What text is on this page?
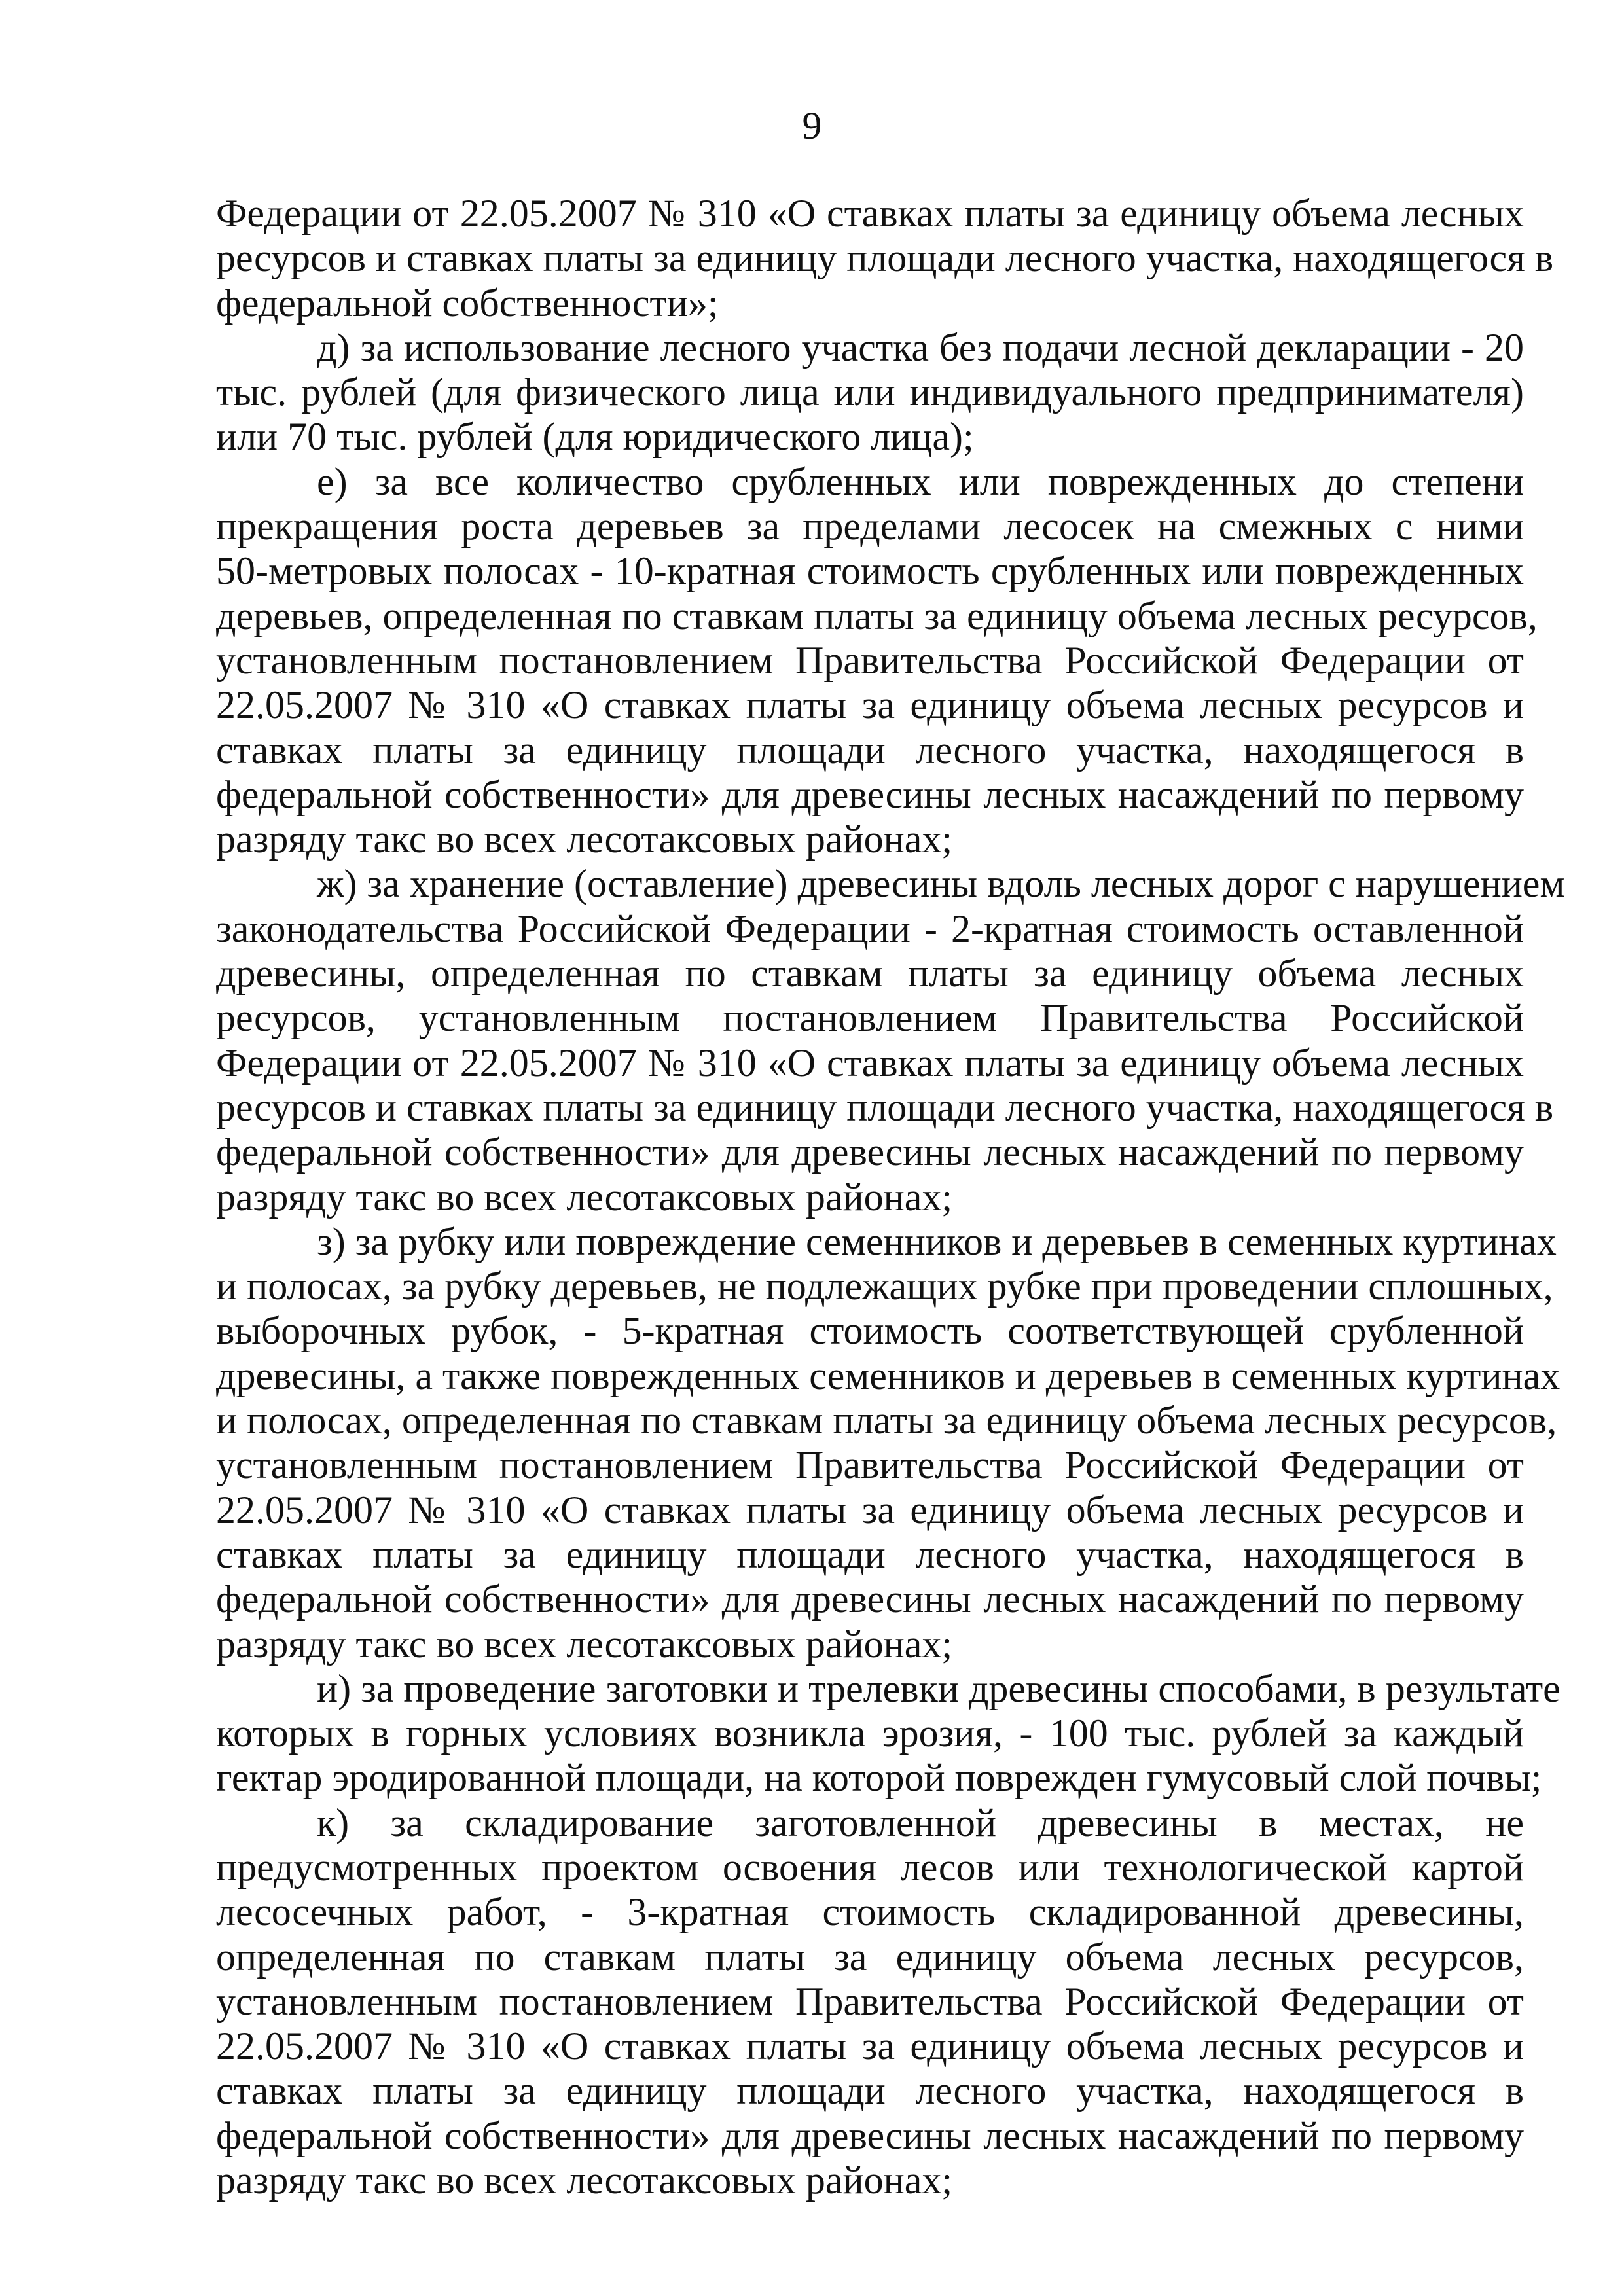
9
Федерации от 22.05.2007 № 310 «О ставках платы за единицу объема лесных
ресурсов и ставках платы за единицу площади лесного участка, находящегося в
федеральной собственности»;
д) за использование лесного участка без подачи лесной декларации - 20
тыс. рублей (для физического лица или индивидуального предпринимателя)
или 70 тыс. рублей (для юридического лица);
е) за все количество срубленных или поврежденных до степени
прекращения роста деревьев за пределами лесосек на смежных с ними
50-метровых полосах - 10-кратная стоимость срубленных или поврежденных
деревьев, определенная по ставкам платы за единицу объема лесных ресурсов,
установленным постановлением Правительства Российской Федерации от
22.05.2007 № 310 «О ставках платы за единицу объема лесных ресурсов и
ставках платы за единицу площади лесного участка, находящегося в
федеральной собственности» для древесины лесных насаждений по первому
разряду такс во всех лесотаксовых районах;
ж) за хранение (оставление) древесины вдоль лесных дорог с нарушением
законодательства Российской Федерации - 2-кратная стоимость оставленной
древесины, определенная по ставкам платы за единицу объема лесных
ресурсов, установленным постановлением Правительства Российской
Федерации от 22.05.2007 № 310 «О ставках платы за единицу объема лесных
ресурсов и ставках платы за единицу площади лесного участка, находящегося в
федеральной собственности» для древесины лесных насаждений по первому
разряду такс во всех лесотаксовых районах;
з) за рубку или повреждение семенников и деревьев в семенных куртинах
и полосах, за рубку деревьев, не подлежащих рубке при проведении сплошных,
выборочных рубок, - 5-кратная стоимость соответствующей срубленной
древесины, а также поврежденных семенников и деревьев в семенных куртинах
и полосах, определенная по ставкам платы за единицу объема лесных ресурсов,
установленным постановлением Правительства Российской Федерации от
22.05.2007 № 310 «О ставках платы за единицу объема лесных ресурсов и
ставках платы за единицу площади лесного участка, находящегося в
федеральной собственности» для древесины лесных насаждений по первому
разряду такс во всех лесотаксовых районах;
и) за проведение заготовки и трелевки древесины способами, в результате
которых в горных условиях возникла эрозия, - 100 тыс. рублей за каждый
гектар эродированной площади, на которой поврежден гумусовый слой почвы;
к) за складирование заготовленной древесины в местах, не
предусмотренных проектом освоения лесов или технологической картой
лесосечных работ, - 3-кратная стоимость складированной древесины,
определенная по ставкам платы за единицу объема лесных ресурсов,
установленным постановлением Правительства Российской Федерации от
22.05.2007 № 310 «О ставках платы за единицу объема лесных ресурсов и
ставках платы за единицу площади лесного участка, находящегося в
федеральной собственности» для древесины лесных насаждений по первому
разряду такс во всех лесотаксовых районах;
